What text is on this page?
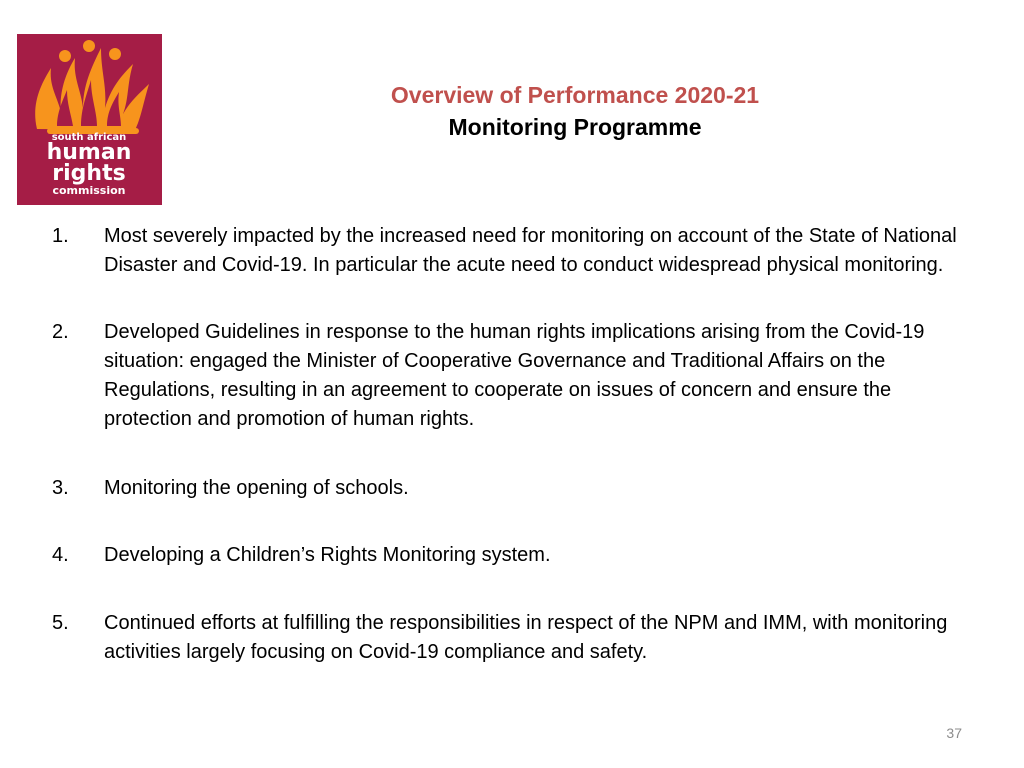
south african
human
rights
commission
Overview of Performance 2020-21
Monitoring Programme
1.	Most severely impacted by the increased need for monitoring on account of the State of National Disaster and Covid-19. In particular the acute need to conduct widespread physical monitoring.
2.	Developed Guidelines in response to the human rights implications arising from the Covid-19 situation: engaged the Minister of Cooperative Governance and Traditional Affairs on the Regulations, resulting in an agreement to cooperate on issues of concern and ensure the protection and promotion of human rights.
3.	Monitoring the opening of schools.
4.	Developing a Children’s Rights Monitoring system.
5.	Continued efforts at fulfilling the responsibilities in respect of the NPM and IMM, with monitoring activities largely focusing on Covid-19 compliance and safety.
37
